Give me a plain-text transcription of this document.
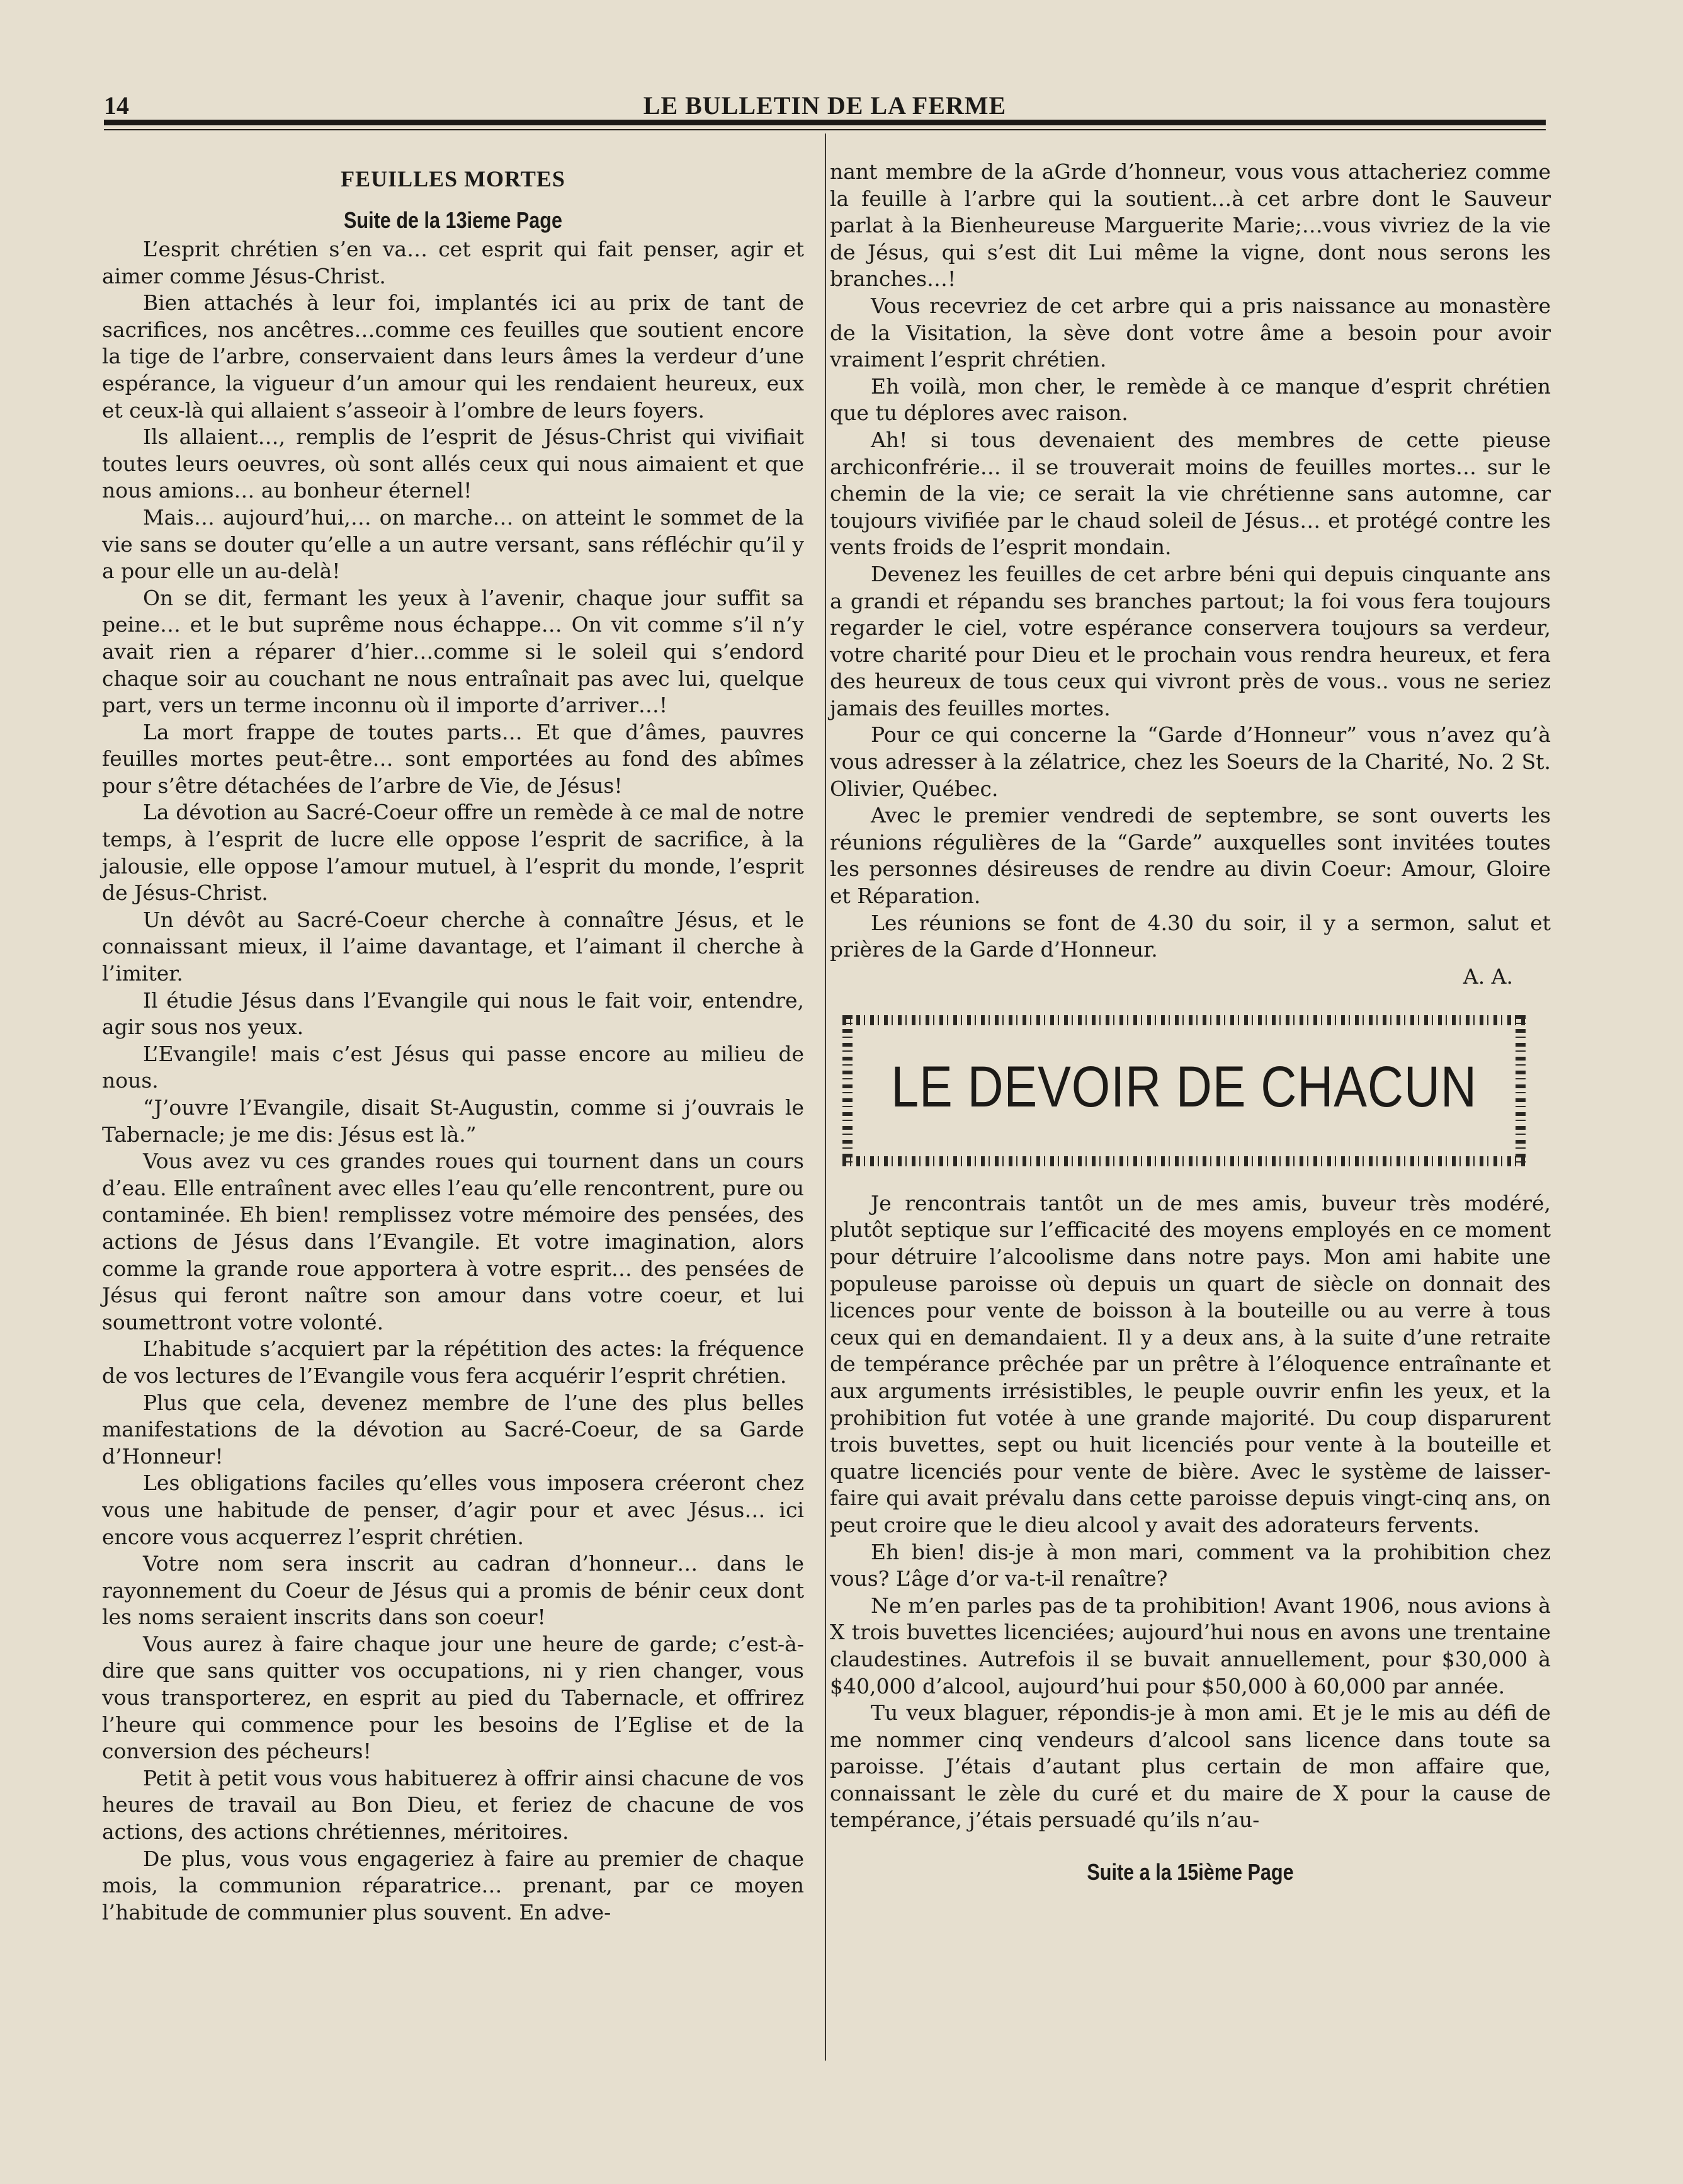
14	LE BULLETIN DE LA FERME
FEUILLES MORTES
Suite de la 13ieme Page

L’esprit chrétien s’en va… cet esprit qui fait penser, agir et aimer comme Jésus-Christ.

Bien attachés à leur foi, implantés ici au prix de tant de sacrifices, nos ancêtres…comme ces feuilles que soutient encore la tige de l’arbre, conservaient dans leurs âmes la verdeur d’une espérance, la vigueur d’un amour qui les rendaient heureux, eux et ceux-là qui allaient s’asseoir à l’ombre de leurs foyers.

Ils allaient…, remplis de l’esprit de Jésus-Christ qui vivifiait toutes leurs oeuvres, où sont allés ceux qui nous aimaient et que nous amions… au bonheur éternel!

Mais… aujourd’hui,… on marche… on atteint le sommet de la vie sans se douter qu’elle a un autre versant, sans réfléchir qu’il y a pour elle un au-delà!

On se dit, fermant les yeux à l’avenir, chaque jour suffit sa peine… et le but suprême nous échappe… On vit comme s’il n’y avait rien a réparer d’hier…comme si le soleil qui s’endord chaque soir au couchant ne nous entraînait pas avec lui, quelque part, vers un terme inconnu où il importe d’arriver…!

La mort frappe de toutes parts… Et que d’âmes, pauvres feuilles mortes peut-être… sont emportées au fond des abîmes pour s’être détachées de l’arbre de Vie, de Jésus!

La dévotion au Sacré-Coeur offre un remède à ce mal de notre temps, à l’esprit de lucre elle oppose l’esprit de sacrifice, à la jalousie, elle oppose l’amour mutuel, à l’esprit du monde, l’esprit de Jésus-Christ.

Un dévôt au Sacré-Coeur cherche à connaître Jésus, et le connaissant mieux, il l’aime davantage, et l’aimant il cherche à l’imiter.

Il étudie Jésus dans l’Evangile qui nous le fait voir, entendre, agir sous nos yeux.

L’Evangile! mais c’est Jésus qui passe encore au milieu de nous.

“J’ouvre l’Evangile, disait St-Augustin, comme si j’ouvrais le Tabernacle; je me dis: Jésus est là.”

Vous avez vu ces grandes roues qui tournent dans un cours d’eau. Elle entraînent avec elles l’eau qu’elle rencontrent, pure ou contaminée. Eh bien! remplissez votre mémoire des pensées, des actions de Jésus dans l’Evangile. Et votre imagination, alors comme la grande roue apportera à votre esprit… des pensées de Jésus qui feront naître son amour dans votre coeur, et lui soumettront votre volonté.

L’habitude s’acquiert par la répétition des actes: la fréquence de vos lectures de l’Evangile vous fera acquérir l’esprit chrétien.

Plus que cela, devenez membre de l’une des plus belles manifestations de la dévotion au Sacré-Coeur, de sa Garde d’Honneur!

Les obligations faciles qu’elles vous imposera créeront chez vous une habitude de penser, d’agir pour et avec Jésus… ici encore vous acquerrez l’esprit chrétien.

Votre nom sera inscrit au cadran d’honneur… dans le rayonnement du Coeur de Jésus qui a promis de bénir ceux dont les noms seraient inscrits dans son coeur!

Vous aurez à faire chaque jour une heure de garde; c’est-à-dire que sans quitter vos occupations, ni y rien changer, vous vous transporterez, en esprit au pied du Tabernacle, et offrirez l’heure qui commence pour les besoins de l’Eglise et de la conversion des pécheurs!

Petit à petit vous vous habituerez à offrir ainsi chacune de vos heures de travail au Bon Dieu, et feriez de chacune de vos actions, des actions chrétiennes, méritoires.

De plus, vous vous engageriez à faire au premier de chaque mois, la communion réparatrice… prenant, par ce moyen l’habitude de communier plus souvent. En adve-

nant membre de la aGrde d’honneur, vous vous attacheriez comme la feuille à l’arbre qui la soutient…à cet arbre dont le Sauveur parlat à la Bienheureuse Marguerite Marie;…vous vivriez de la vie de Jésus, qui s’est dit Lui même la vigne, dont nous serons les branches…!

Vous recevriez de cet arbre qui a pris naissance au monastère de la Visitation, la sève dont votre âme a besoin pour avoir vraiment l’esprit chrétien.

Eh voilà, mon cher, le remède à ce manque d’esprit chrétien que tu déplores avec raison.

Ah! si tous devenaient des membres de cette pieuse archiconfrérie… il se trouverait moins de feuilles mortes… sur le chemin de la vie; ce serait la vie chrétienne sans automne, car toujours vivifiée par le chaud soleil de Jésus… et protégé contre les vents froids de l’esprit mondain.

Devenez les feuilles de cet arbre béni qui depuis cinquante ans a grandi et répandu ses branches partout; la foi vous fera toujours regarder le ciel, votre espérance conservera toujours sa verdeur, votre charité pour Dieu et le prochain vous rendra heureux, et fera des heureux de tous ceux qui vivront près de vous.. vous ne seriez jamais des feuilles mortes.

Pour ce qui concerne la “Garde d’Honneur” vous n’avez qu’à vous adresser à la zélatrice, chez les Soeurs de la Charité, No. 2 St. Olivier, Québec.

Avec le premier vendredi de septembre, se sont ouverts les réunions régulières de la “Garde” auxquelles sont invitées toutes les personnes désireuses de rendre au divin Coeur: Amour, Gloire et Réparation.

Les réunions se font de 4.30 du soir, il y a sermon, salut et prières de la Garde d’Honneur.

A. A.

LE DEVOIR DE CHACUN

Je rencontrais tantôt un de mes amis, buveur très modéré, plutôt septique sur l’efficacité des moyens employés en ce moment pour détruire l’alcoolisme dans notre pays. Mon ami habite une populeuse paroisse où depuis un quart de siècle on donnait des licences pour vente de boisson à la bouteille ou au verre à tous ceux qui en demandaient. Il y a deux ans, à la suite d’une retraite de tempérance prêchée par un prêtre à l’éloquence entraînante et aux arguments irrésistibles, le peuple ouvrir enfin les yeux, et la prohibition fut votée à une grande majorité. Du coup disparurent trois buvettes, sept ou huit licenciés pour vente à la bouteille et quatre licenciés pour vente de bière. Avec le système de laisser-faire qui avait prévalu dans cette paroisse depuis vingt-cinq ans, on peut croire que le dieu alcool y avait des adorateurs fervents.

Eh bien! dis-je à mon mari, comment va la prohibition chez vous? L’âge d’or va-t-il renaître?

Ne m’en parles pas de ta prohibition! Avant 1906, nous avions à X trois buvettes licenciées; aujourd’hui nous en avons une trentaine claudestines. Autrefois il se buvait annuellement, pour $30,000 à $40,000 d’alcool, aujourd’hui pour $50,000 à 60,000 par année.

Tu veux blaguer, répondis-je à mon ami. Et je le mis au défi de me nommer cinq vendeurs d’alcool sans licence dans toute sa paroisse. J’étais d’autant plus certain de mon affaire que, connaissant le zèle du curé et du maire de X pour la cause de tempérance, j’étais persuadé qu’ils n’au-

Suite a la 15ième Page
